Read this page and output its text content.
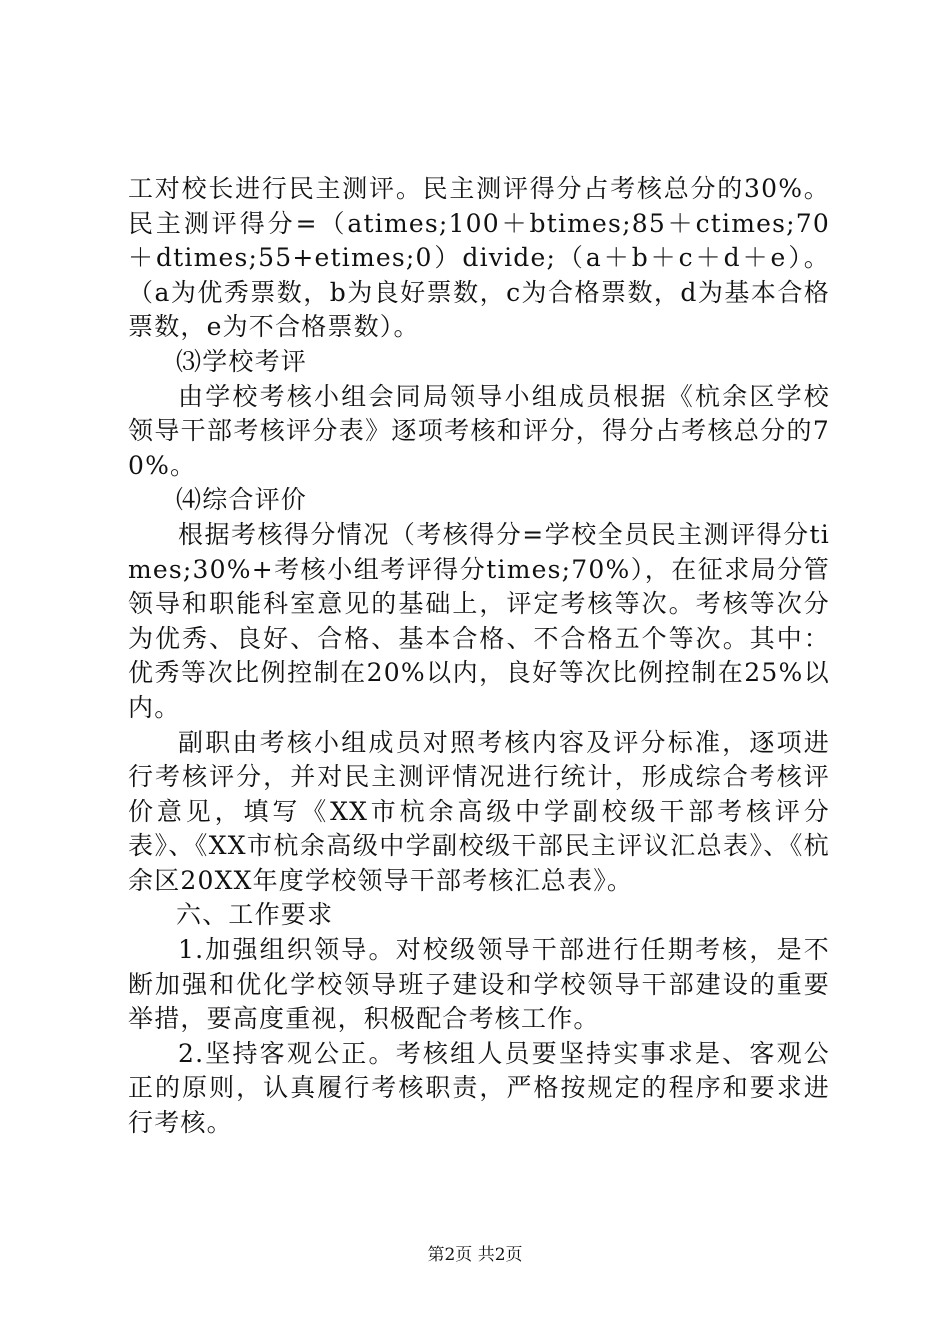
工对校长进行民主测评。民主测评得分占考核总分的30%。民主测评得分=（atimes;100＋btimes;85＋ctimes;70＋dtimes;55+etimes;0）divide;（a＋b＋c＋d＋e）。（a为优秀票数，b为良好票数，c为合格票数，d为基本合格票数，e为不合格票数）。

⑶学校考评

由学校考核小组会同局领导小组成员根据《杭余区学校领导干部考核评分表》逐项考核和评分，得分占考核总分的70%。

⑷综合评价

根据考核得分情况（考核得分=学校全员民主测评得分times;30%+考核小组考评得分times;70%），在征求局分管领导和职能科室意见的基础上，评定考核等次。考核等次分为优秀、良好、合格、基本合格、不合格五个等次。其中：优秀等次比例控制在20%以内，良好等次比例控制在25%以内。

副职由考核小组成员对照考核内容及评分标准，逐项进行考核评分，并对民主测评情况进行统计，形成综合考核评价意见，填写《XX市杭余高级中学副校级干部考核评分表》、《XX市杭余高级中学副校级干部民主评议汇总表》、《杭余区20XX年度学校领导干部考核汇总表》。

六、工作要求

1.加强组织领导。对校级领导干部进行任期考核，是不断加强和优化学校领导班子建设和学校领导干部建设的重要举措，要高度重视，积极配合考核工作。

2.坚持客观公正。考核组人员要坚持实事求是、客观公正的原则，认真履行考核职责，严格按规定的程序和要求进行考核。

第2页 共2页
